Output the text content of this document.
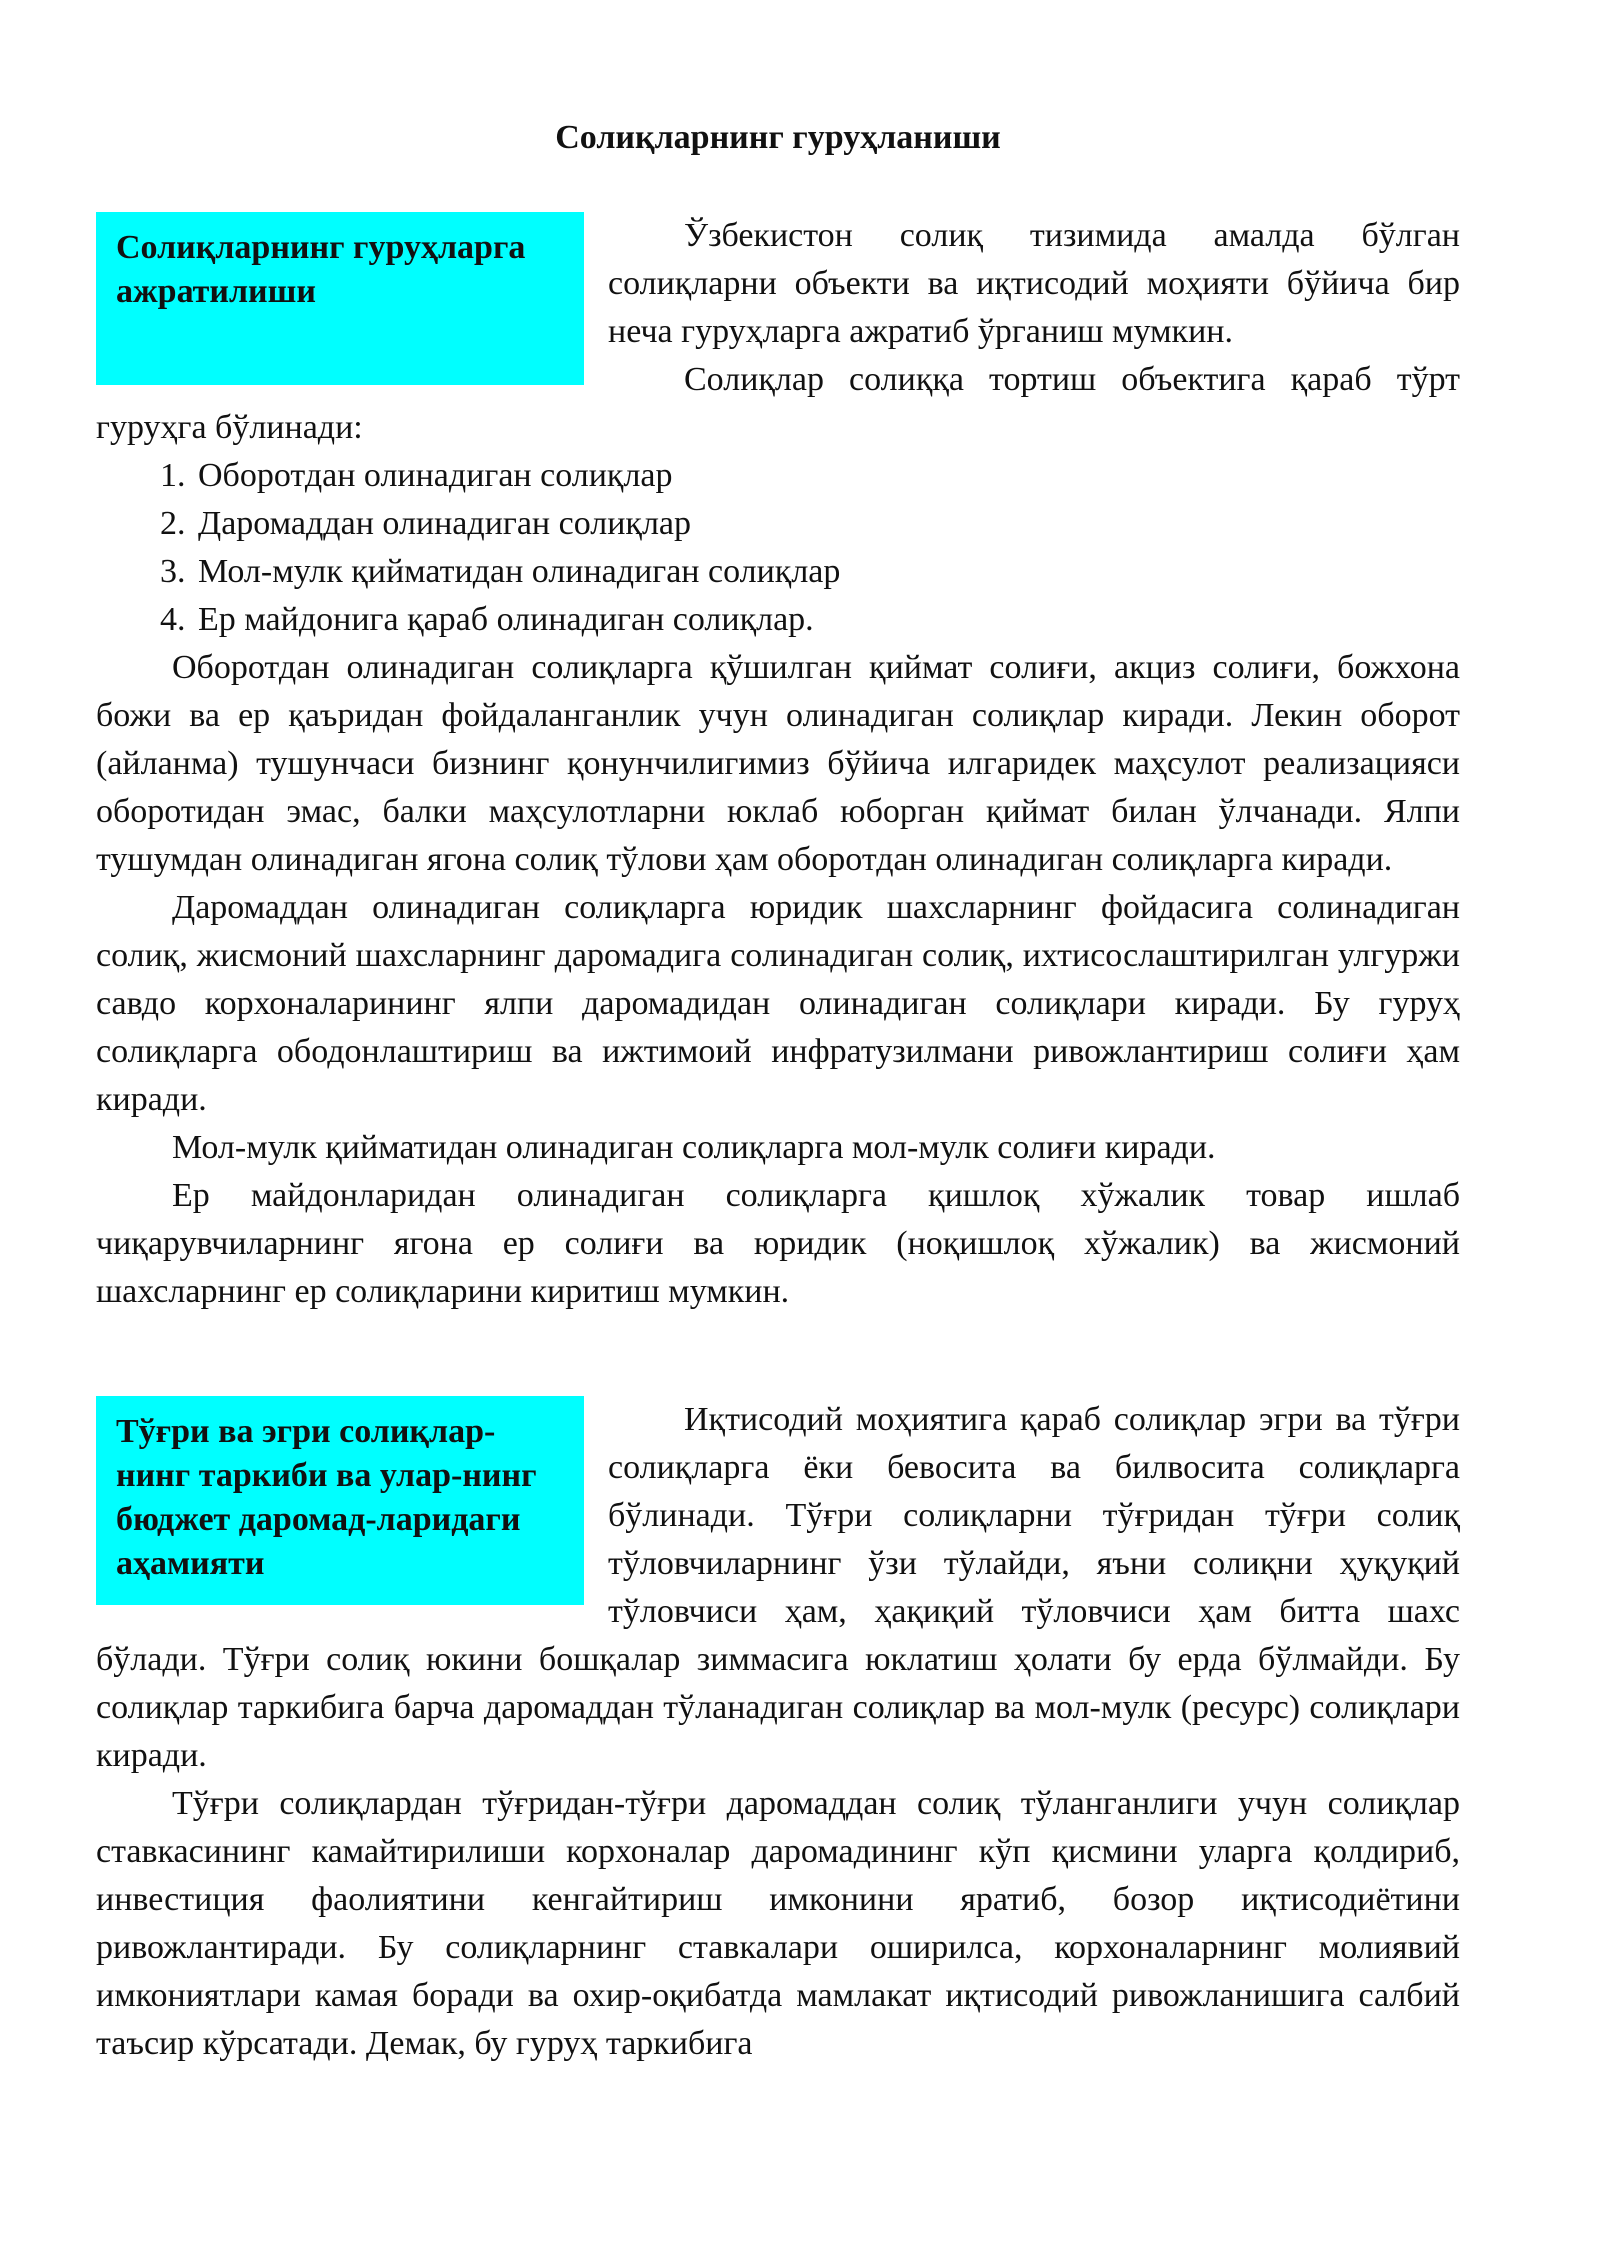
Солиқларнинг гуруҳланиши
Солиқларнинг гуруҳларга ажратилиши

Ўзбекистон солиқ тизимида амалда бўлган солиқларни объекти ва иқтисодий моҳияти бўйича бир неча гуруҳларга ажратиб ўрганиш мумкин.

Солиқлар солиққа тортиш объектига қараб тўрт гуруҳга бўлинади:

1. Оборотдан олинадиган солиқлар
2. Даромаддан олинадиган солиқлар
3. Мол-мулк қийматидан олинадиган солиқлар
4. Ер майдонига қараб олинадиган солиқлар.

Оборотдан олинадиган солиқларга қўшилган қиймат солиғи, акциз солиғи, божхона божи ва ер қаъридан фойдаланганлик учун олинадиган солиқлар киради. Лекин оборот (айланма) тушунчаси бизнинг қонунчилигимиз бўйича илгаридек маҳсулот реализацияси оборотидан эмас, балки маҳсулотларни юклаб юборган қиймат билан ўлчанади. Ялпи тушумдан олинадиган ягона солиқ тўлови ҳам оборотдан олинадиган солиқларга киради.

Даромаддан олинадиган солиқларга юридик шахсларнинг фойдасига солинадиган солиқ, жисмоний шахсларнинг даромадига солинадиган солиқ, ихтисослаштирилган улгуржи савдо корхоналарининг ялпи даромадидан олинадиган солиқлари киради. Бу гуруҳ солиқларга ободонлаштириш ва ижтимоий инфратузилмани ривожлантириш солиғи ҳам киради.

Мол-мулк қийматидан олинадиган солиқларга мол-мулк солиғи киради.

Ер майдонларидан олинадиган солиқларга қишлоқ хўжалик товар ишлаб чиқарувчиларнинг ягона ер солиғи ва юридик (ноқишлоқ хўжалик) ва жисмоний шахсларнинг ер солиқларини киритиш мумкин.

Тўғри ва эгри солиқлар-нинг таркиби ва улар-нинг бюджет даромад-ларидаги аҳамияти

Иқтисодий моҳиятига қараб солиқлар эгри ва тўғри солиқларга ёки бевосита ва билвосита солиқларга бўлинади. Тўғри солиқларни тўғридан тўғри солиқ тўловчиларнинг ўзи тўлайди, яъни солиқни ҳуқуқий тўловчиси ҳам, ҳақиқий тўловчиси ҳам битта шахс бўлади. Тўғри солиқ юкини бошқалар зиммасига юклатиш ҳолати бу ерда бўлмайди. Бу солиқлар таркибига барча даромаддан тўланадиган солиқлар ва мол-мулк (ресурс) солиқлари киради.

Тўғри солиқлардан тўғридан-тўғри даромаддан солиқ тўланганлиги учун солиқлар ставкасининг камайтирилиши корхоналар даромадининг кўп қисмини уларга қолдириб, инвестиция фаолиятини кенгайтириш имконини яратиб, бозор иқтисодиётини ривожлантиради. Бу солиқларнинг ставкалари оширилса, корхоналарнинг молиявий имкониятлари камая боради ва охир-оқибатда мамлакат иқтисодий ривожланишига салбий таъсир кўрсатади. Демак, бу гуруҳ таркибига
